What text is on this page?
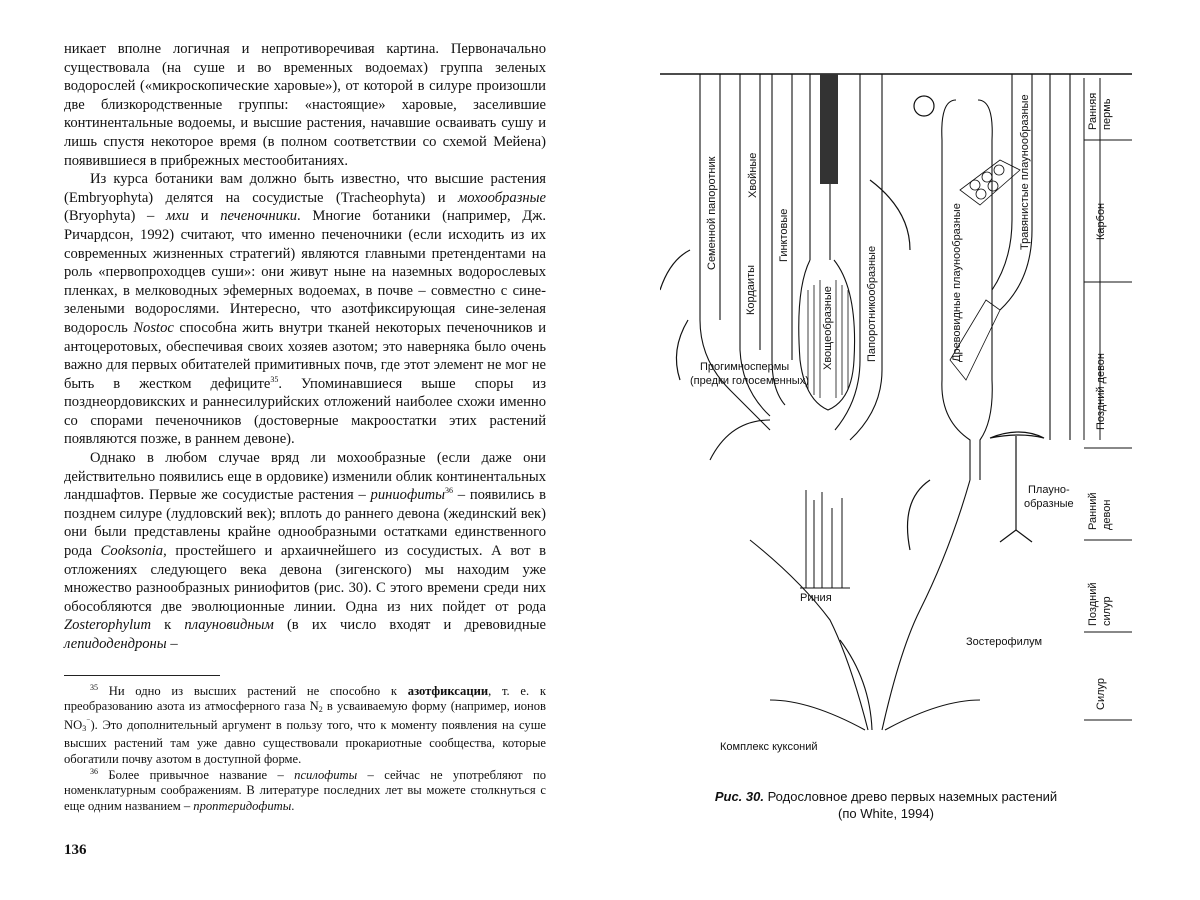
никает вполне логичная и непротиворечивая картина. Первоначально существовала (на суше и во временных водоемах) группа зеленых водорослей («микроскопические харовые»), от которой в силуре произошли две близкородственные группы: «настоящие» харовые, заселившие континентальные водоемы, и высшие растения, начавшие осваивать сушу и лишь спустя некоторое время (в полном соответствии со схемой Мейена) появившиеся в прибрежных местообитаниях.

Из курса ботаники вам должно быть известно, что высшие растения (Embryophyta) делятся на сосудистые (Tracheophyta) и мохообразные (Bryophyta) – мхи и печеночники. Многие ботаники (например, Дж. Ричардсон, 1992) считают, что именно печеночники (если исходить из их современных жизненных стратегий) являются главными претендентами на роль «первопроходцев суши»: они живут ныне на наземных водорослевых пленках, в мелководных эфемерных водоемах, в почве – совместно с сине-зелеными водорослями. Интересно, что азотфиксирующая сине-зеленая водоросль Nostoc способна жить внутри тканей некоторых печеночников и антоцеротовых, обеспечивая своих хозяев азотом; это наверняка было очень важно для первых обитателей примитивных почв, где этот элемент не мог не быть в жестком дефиците$^{35}$. Упоминавшиеся выше споры из позднеордовикских и раннесилурийских отложений наиболее схожи именно со спорами печеночников (достоверные макроостатки этих растений появляются позже, в раннем девоне).

Однако в любом случае вряд ли мохообразные (если даже они действительно появились еще в ордовике) изменили облик континентальных ландшафтов. Первые же сосудистые растения – риниофиты$^{36}$ – появились в позднем силуре (лудловский век); вплоть до раннего девона (жединский век) они были представлены крайне однообразными остатками единственного рода Cooksonia, простейшего и архаичнейшего из сосудистых. А вот в отложениях следующего века девона (зигенского) мы находим уже множество разнообразных риниофитов (рис. 30). С этого времени среди них обособляются две эволюционные линии. Одна из них пойдет от рода Zosterophylum к плауновидным (в их число входят и древовидные лепидодендроны –

$^{35}$ Ни одно из высших растений не способно к азотфиксации, т. е. к преобразованию азота из атмосферного газа $N_2$ в усваиваемую форму (например, ионов $NO_3^{^-}$). Это дополнительный аргумент в пользу того, что к моменту появления на суше высших растений там уже давно существовали прокариотные сообщества, которые обогатили почву азотом в доступной форме.

$^{36}$ Более привычное название – псилофиты – сейчас не употребляют по номенклатурным соображениям. В литературе последних лет вы можете столкнуться с еще одним названием – проптеридофиты.

136
Семенной папоротник
Кордаиты
Хвойные
Гинктовые
Хвощеобразные	Папоротникообразные	Древовидные плаунообразные
Травянистые плаунообразные
Прогимноспермы
(предки голосеменных)
Риния
Плауно-
образные
Зостерофилум
Комплекс куксоний
Ранняя пермь
Карбон
Поздний девон
Ранний девон
Поздний силур
Силур
Рис. 30. Родословное древо первых наземных растений
(по White, 1994)
